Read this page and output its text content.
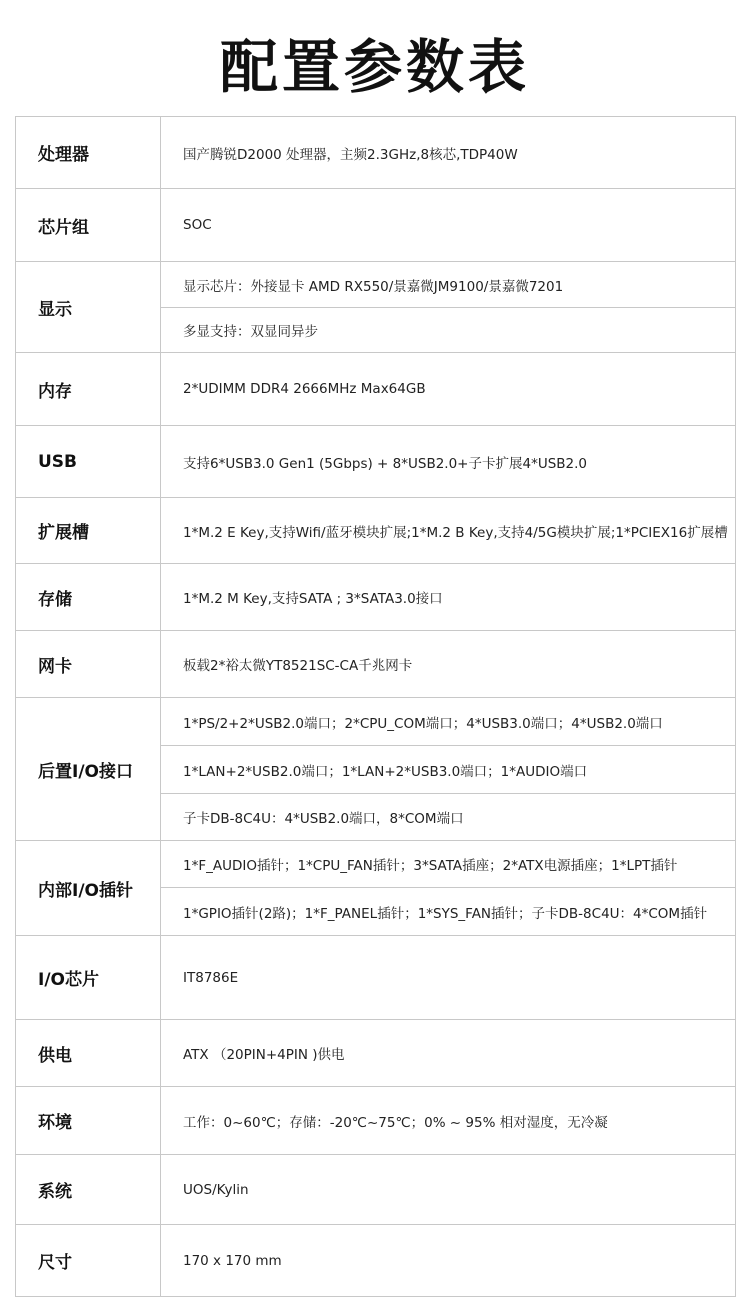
配置参数表
处理器	国产腾锐D2000 处理器，主频2.3GHz,8核芯,TDP40W
芯片组	SOC
显示	显示芯片：外接显卡 AMD RX550/景嘉微JM9100/景嘉微7201
	多显支持：双显同异步
内存	2*UDIMM DDR4 2666MHz Max64GB
USB	支持6*USB3.0 Gen1 (5Gbps) + 8*USB2.0+子卡扩展4*USB2.0
扩展槽	1*M.2 E Key,支持Wifi/蓝牙模块扩展;1*M.2 B Key,支持4/5G模块扩展;1*PCIEX16扩展槽
存储	1*M.2 M Key,支持SATA ; 3*SATA3.0接口
网卡	板载2*裕太微YT8521SC-CA千兆网卡
后置I/O接口	1*PS/2+2*USB2.0端口；2*CPU_COM端口；4*USB3.0端口；4*USB2.0端口
	1*LAN+2*USB2.0端口；1*LAN+2*USB3.0端口；1*AUDIO端口
	子卡DB-8C4U：4*USB2.0端口，8*COM端口
内部I/O插针	1*F_AUDIO插针；1*CPU_FAN插针；3*SATA插座；2*ATX电源插座；1*LPT插针
	1*GPIO插针(2路)；1*F_PANEL插针；1*SYS_FAN插针；子卡DB-8C4U：4*COM插针
I/O芯片	IT8786E
供电	ATX （20PIN+4PIN )供电
环境	工作：0~60℃；存储：-20℃~75℃；0% ~ 95% 相对湿度，无冷凝
系统	UOS/Kylin
尺寸	170 x 170 mm
